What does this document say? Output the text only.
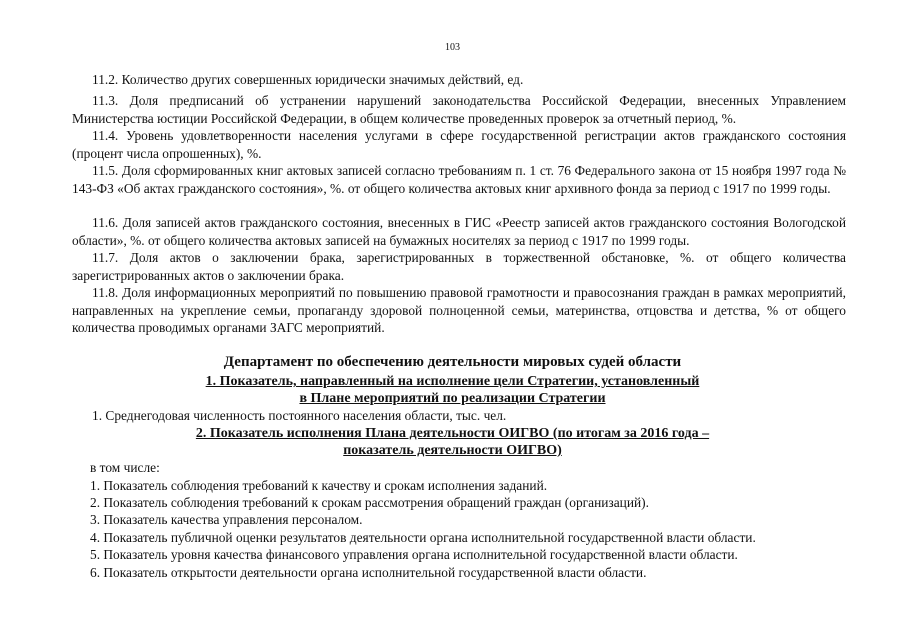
103
11.2. Количество других совершенных юридически значимых действий, ед.
11.3. Доля предписаний об устранении нарушений законодательства Российской Федерации, внесенных Управлением Министерства юстиции Российской Федерации, в общем количестве проведенных проверок за отчетный период, %.
11.4. Уровень удовлетворенности населения услугами в сфере государственной регистрации актов гражданского состояния (процент числа опрошенных), %.
11.5. Доля сформированных книг актовых записей согласно требованиям п. 1 ст. 76 Федерального закона от 15 ноября 1997 года № 143-ФЗ «Об актах гражданского состояния», %. от общего количества актовых книг архивного фонда за период с 1917 по 1999 годы.
11.6. Доля записей актов гражданского состояния, внесенных в ГИС «Реестр записей актов гражданского состояния Вологодской области», %. от общего количества актовых записей на бумажных носителях за период с 1917 по 1999 годы.
11.7. Доля актов о заключении брака, зарегистрированных в торжественной обстановке, %. от общего количества зарегистрированных актов о заключении брака.
11.8. Доля информационных мероприятий по повышению правовой грамотности и правосознания граждан в рамках мероприятий, направленных на укрепление семьи, пропаганду здоровой полноценной семьи, материнства, отцовства и детства, % от общего количества проводимых органами ЗАГС мероприятий.
Департамент по обеспечению деятельности мировых судей области
1. Показатель, направленный на исполнение цели Стратегии, установленный
в Плане мероприятий по реализации Стратегии
1. Среднегодовая численность постоянного населения области, тыс. чел.
2. Показатель исполнения Плана деятельности ОИГВО (по итогам за 2016 года –
показатель деятельности ОИГВО)
в том числе:
1. Показатель соблюдения требований к качеству и срокам исполнения заданий.
2. Показатель соблюдения требований к срокам рассмотрения обращений граждан (организаций).
3. Показатель качества управления персоналом.
4. Показатель публичной оценки результатов деятельности органа исполнительной государственной власти области.
5. Показатель уровня качества финансового управления органа исполнительной государственной власти области.
6. Показатель открытости деятельности органа исполнительной государственной власти области.
